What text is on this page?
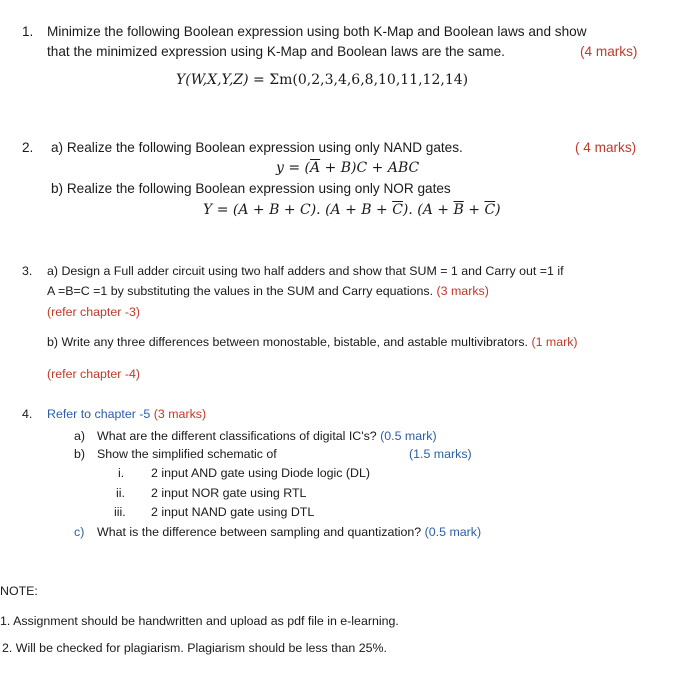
1. Minimize the following Boolean expression using both K-Map and Boolean laws and show
that the minimized expression using K-Map and Boolean laws are the same.	(4 marks)
Y(W,X,Y,Z) = Σm(0,2,3,4,6,8,10,11,12,14)
2. a) Realize the following Boolean expression using only NAND gates.	( 4 marks)
$y = (\overline{A} + B)C$ + ABC
b) Realize the following Boolean expression using only NOR gates
Y = (A + B + C). $(A + B + \overline{C})$. $(A + \overline{B} + \overline{C})$
3. a) Design a Full adder circuit using two half adders and show that SUM = 1 and Carry out =1 if
A =B=C =1 by substituting the values in the SUM and Carry equations. (3 marks)
(refer chapter -3)
b) Write any three differences between monostable, bistable, and astable multivibrators. (1 mark)
(refer chapter -4)
4. Refer to chapter -5 (3 marks)
a) What are the different classifications of digital IC's? (0.5 mark)
b) Show the simplified schematic of	(1.5 marks)
i. 2 input AND gate using Diode logic (DL)
ii. 2 input NOR gate using RTL
iii. 2 input NAND gate using DTL
c) What is the difference between sampling and quantization? (0.5 mark)
NOTE:
1. Assignment should be handwritten and upload as pdf file in e-learning.
2. Will be checked for plagiarism. Plagiarism should be less than 25%.
